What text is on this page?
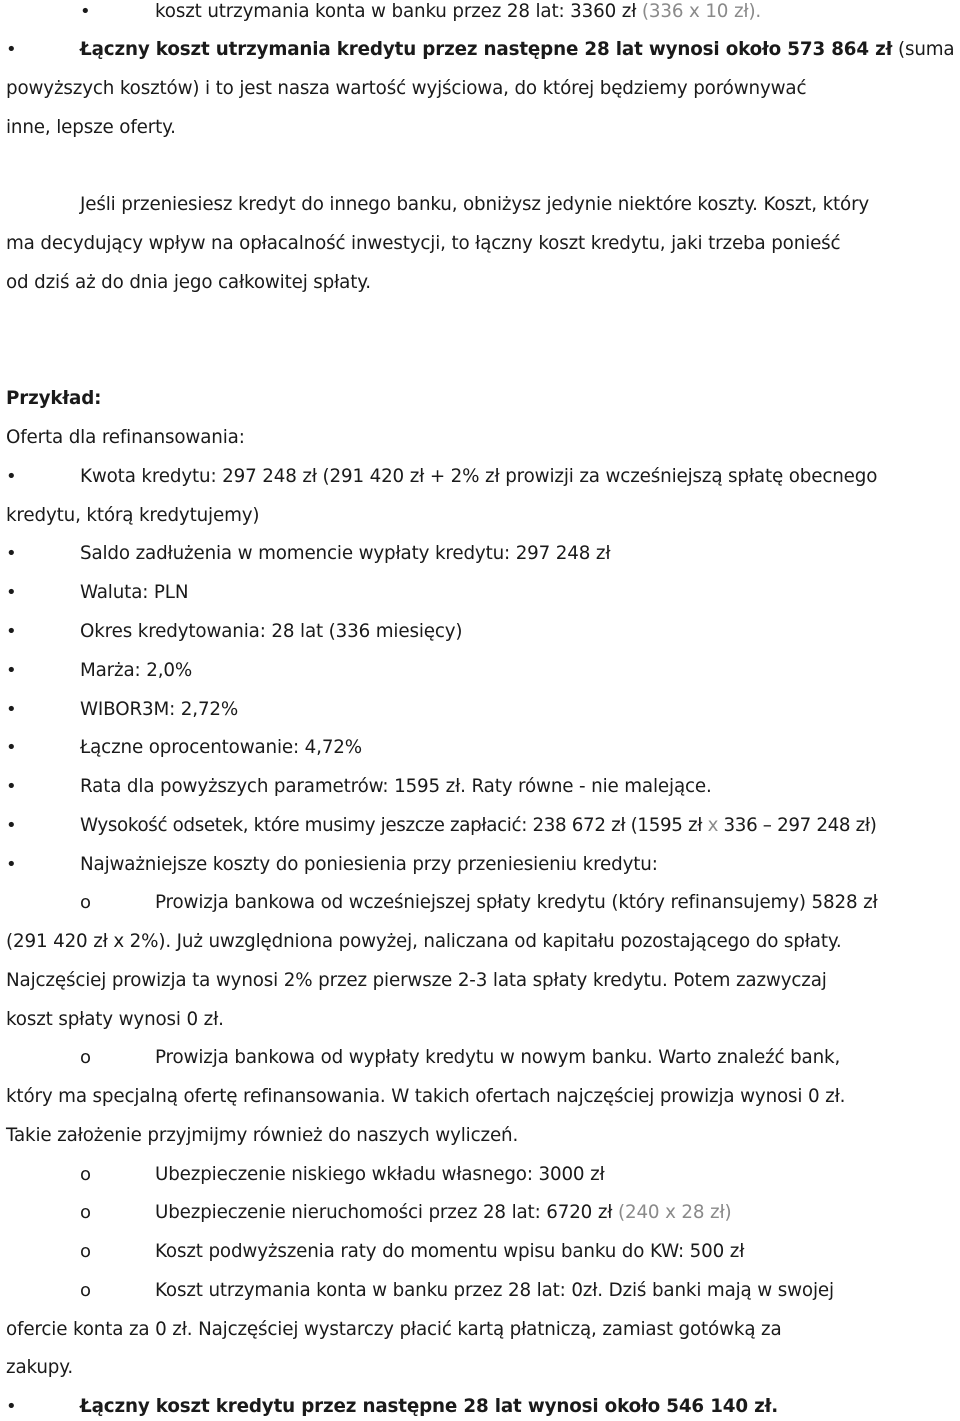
•	koszt utrzymania konta w banku przez 28 lat: 3360 zł (336 x 10 zł).
•	Łączny koszt utrzymania kredytu przez następne 28 lat wynosi około 573 864 zł (suma
powyższych kosztów) i to jest nasza wartość wyjściowa, do której będziemy porównywać
inne, lepsze oferty.
Jeśli przeniesiesz kredyt do innego banku, obniżysz jedynie niektóre koszty. Koszt, który
ma decydujący wpływ na opłacalność inwestycji, to łączny koszt kredytu, jaki trzeba ponieść
od dziś aż do dnia jego całkowitej spłaty.
Przykład:
Oferta dla refinansowania:
•	Kwota kredytu: 297 248 zł (291 420 zł + 2% zł prowizji za wcześniejszą spłatę obecnego
kredytu, którą kredytujemy)
•	Saldo zadłużenia w momencie wypłaty kredytu: 297 248 zł
•	Waluta: PLN
•	Okres kredytowania: 28 lat (336 miesięcy)
•	Marża: 2,0%
•	WIBOR3M: 2,72%
•	Łączne oprocentowanie: 4,72%
•	Rata dla powyższych parametrów: 1595 zł. Raty równe - nie malejące.
•	Wysokość odsetek, które musimy jeszcze zapłacić: 238 672 zł (1595 zł x 336 – 297 248 zł)
•	Najważniejsze koszty do poniesienia przy przeniesieniu kredytu:
o	Prowizja bankowa od wcześniejszej spłaty kredytu (który refinansujemy) 5828 zł
(291 420 zł x 2%). Już uwzględniona powyżej, naliczana od kapitału pozostającego do spłaty.
Najczęściej prowizja ta wynosi 2% przez pierwsze 2-3 lata spłaty kredytu. Potem zazwyczaj
koszt spłaty wynosi 0 zł.
o	Prowizja bankowa od wypłaty kredytu w nowym banku. Warto znaleźć bank,
który ma specjalną ofertę refinansowania. W takich ofertach najczęściej prowizja wynosi 0 zł.
Takie założenie przyjmijmy również do naszych wyliczeń.
o	Ubezpieczenie niskiego wkładu własnego: 3000 zł
o	Ubezpieczenie nieruchomości przez 28 lat: 6720 zł (240 x 28 zł)
o	Koszt podwyższenia raty do momentu wpisu banku do KW: 500 zł
o	Koszt utrzymania konta w banku przez 28 lat: 0zł. Dziś banki mają w swojej
ofercie konta za 0 zł. Najczęściej wystarczy płacić kartą płatniczą, zamiast gotówką za
zakupy.
•	Łączny koszt kredytu przez następne 28 lat wynosi około 546 140 zł.
